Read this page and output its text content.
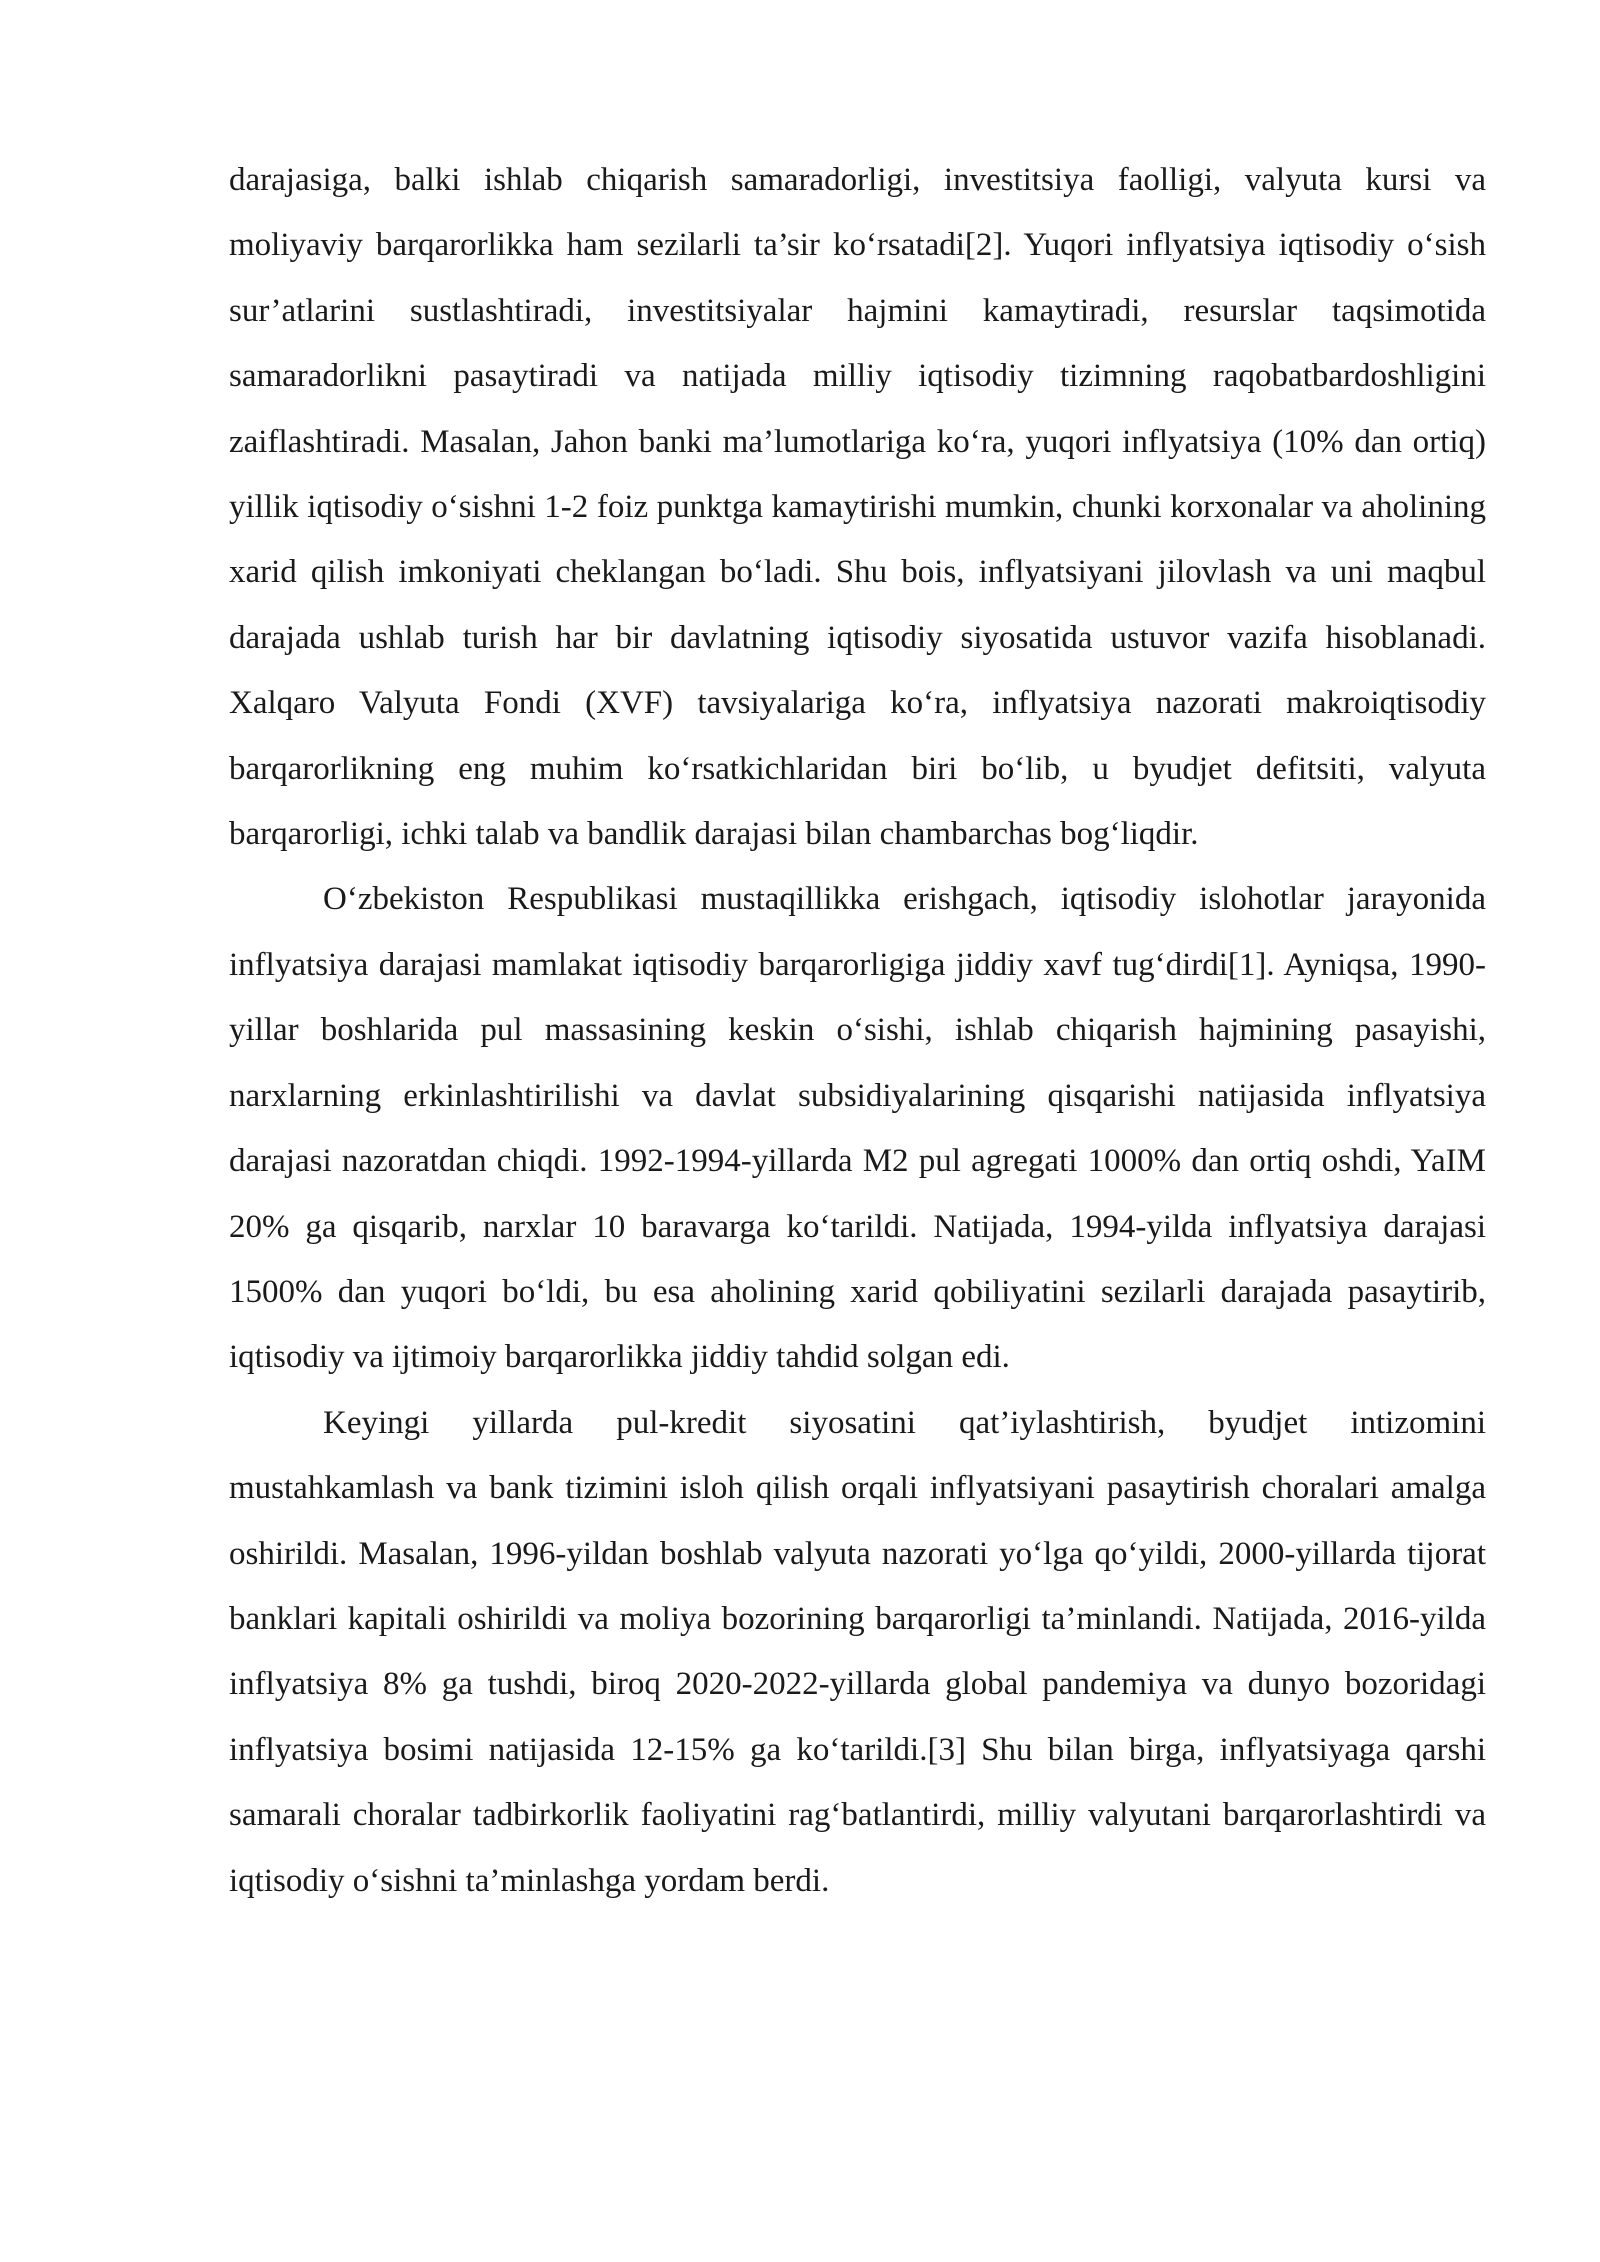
darajasiga, balki ishlab chiqarish samaradorligi, investitsiya faolligi, valyuta kursi va moliyaviy barqarorlikka ham sezilarli ta’sir ko‘rsatadi[2]. Yuqori inflyatsiya iqtisodiy o‘sish sur’atlarini sustlashtiradi, investitsiyalar hajmini kamaytiradi, resurslar taqsimotida samaradorlikni pasaytiradi va natijada milliy iqtisodiy tizimning raqobatbardoshligini zaiflashtiradi. Masalan, Jahon banki ma’lumotlariga ko‘ra, yuqori inflyatsiya (10% dan ortiq) yillik iqtisodiy o‘sishni 1-2 foiz punktga kamaytirishi mumkin, chunki korxonalar va aholining xarid qilish imkoniyati cheklangan bo‘ladi. Shu bois, inflyatsiyani jilovlash va uni maqbul darajada ushlab turish har bir davlatning iqtisodiy siyosatida ustuvor vazifa hisoblanadi. Xalqaro Valyuta Fondi (XVF) tavsiyalariga ko‘ra, inflyatsiya nazorati makroiqtisodiy barqarorlikning eng muhim ko‘rsatkichlaridan biri bo‘lib, u byudjet defitsiti, valyuta barqarorligi, ichki talab va bandlik darajasi bilan chambarchas bog‘liqdir.

O‘zbekiston Respublikasi mustaqillikka erishgach, iqtisodiy islohotlar jarayonida inflyatsiya darajasi mamlakat iqtisodiy barqarorligiga jiddiy xavf tug‘dirdi[1]. Ayniqsa, 1990-yillar boshlarida pul massasining keskin o‘sishi, ishlab chiqarish hajmining pasayishi, narxlarning erkinlashtirilishi va davlat subsidiyalarining qisqarishi natijasida inflyatsiya darajasi nazoratdan chiqdi. 1992-1994-yillarda M2 pul agregati 1000% dan ortiq oshdi, YaIM 20% ga qisqarib, narxlar 10 baravarga ko‘tarildi. Natijada, 1994-yilda inflyatsiya darajasi 1500% dan yuqori bo‘ldi, bu esa aholining xarid qobiliyatini sezilarli darajada pasaytirib, iqtisodiy va ijtimoiy barqarorlikka jiddiy tahdid solgan edi.

Keyingi yillarda pul-kredit siyosatini qat’iylashtirish, byudjet intizomini mustahkamlash va bank tizimini isloh qilish orqali inflyatsiyani pasaytirish choralari amalga oshirildi. Masalan, 1996-yildan boshlab valyuta nazorati yo‘lga qo‘yildi, 2000-yillarda tijorat banklari kapitali oshirildi va moliya bozorining barqarorligi ta’minlandi. Natijada, 2016-yilda inflyatsiya 8% ga tushdi, biroq 2020-2022-yillarda global pandemiya va dunyo bozoridagi inflyatsiya bosimi natijasida 12-15% ga ko‘tarildi.[3] Shu bilan birga, inflyatsiyaga qarshi samarali choralar tadbirkorlik faoliyatini rag‘batlantirdi, milliy valyutani barqarorlashtirdi va iqtisodiy o‘sishni ta’minlashga yordam berdi.
